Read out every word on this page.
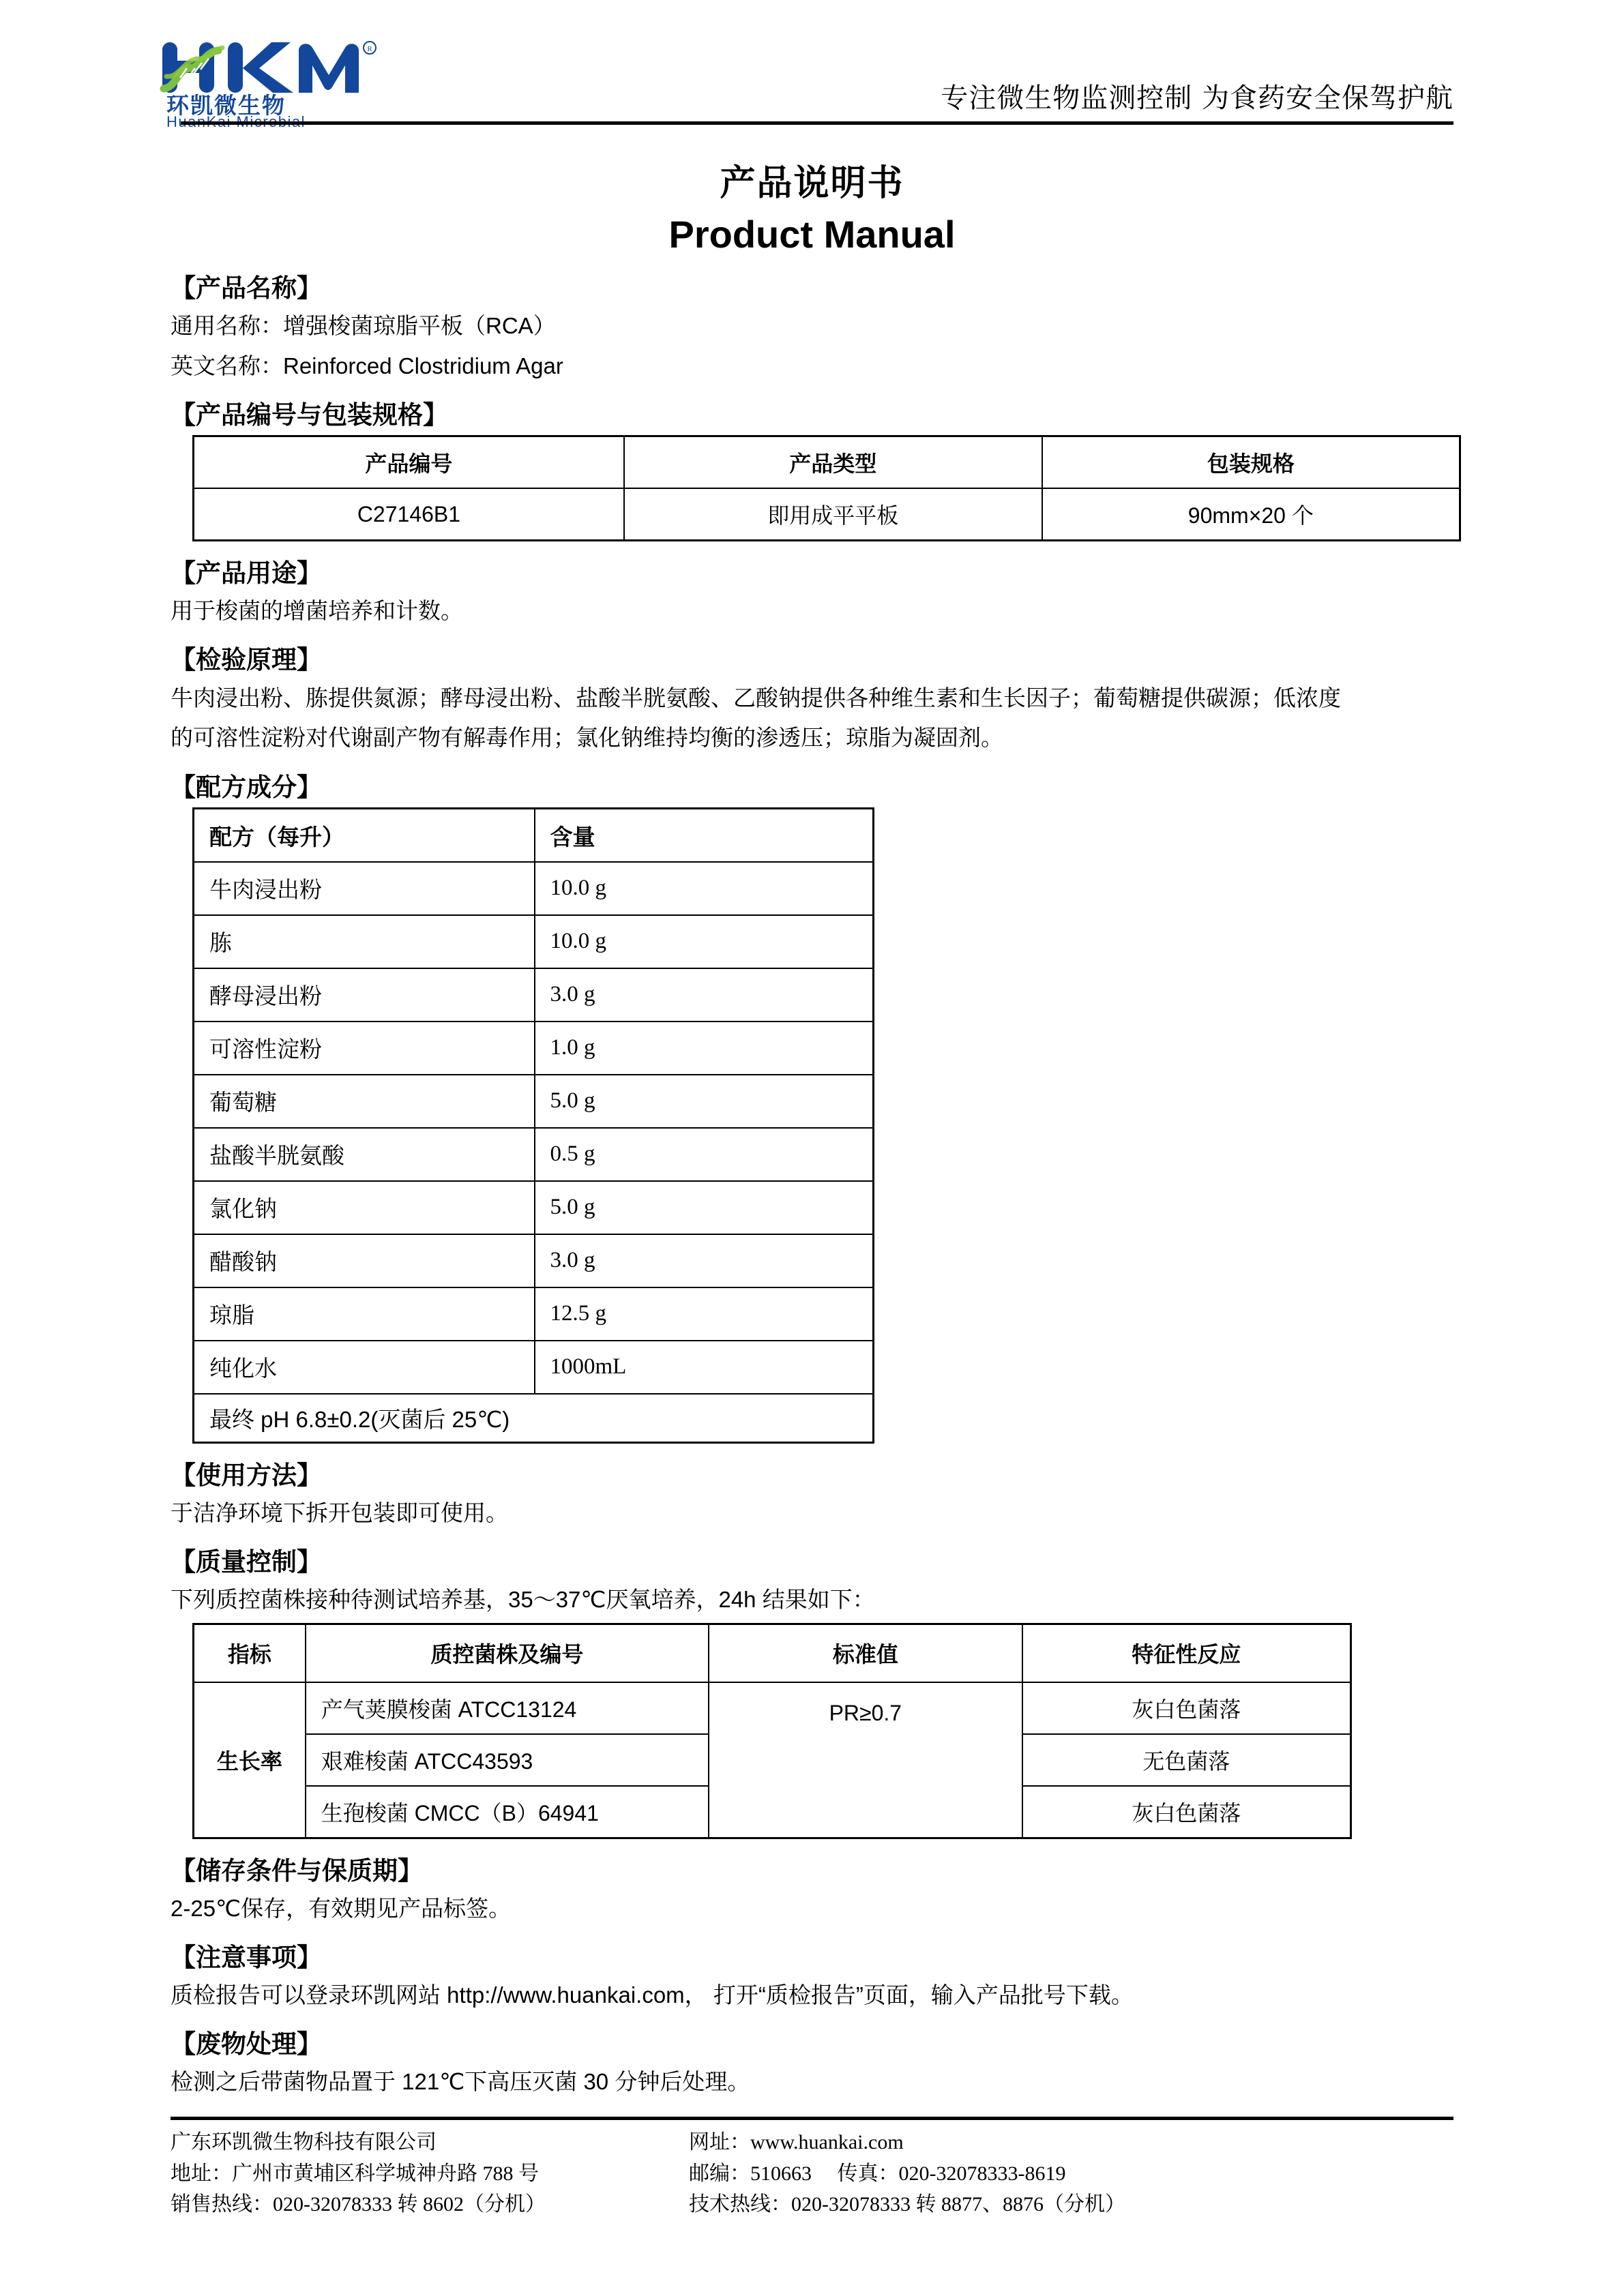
R
环凯微生物
HuanKai Microbial
专注微生物监测控制 为食药安全保驾护航
产品说明书
Product Manual
【产品名称】
通用名称：增强梭菌琼脂平板（RCA）
英文名称：Reinforced Clostridium Agar
【产品编号与包装规格】
产品编号	产品类型	包装规格
C27146B1	即用成平平板	90mm×20 个
【产品用途】
用于梭菌的增菌培养和计数。
【检验原理】
牛肉浸出粉、胨提供氮源；酵母浸出粉、盐酸半胱氨酸、乙酸钠提供各种维生素和生长因子；葡萄糖提供碳源；低浓度
的可溶性淀粉对代谢副产物有解毒作用；氯化钠维持均衡的渗透压；琼脂为凝固剂。
【配方成分】
配方（每升）	含量
牛肉浸出粉	10.0 g
胨	10.0 g
酵母浸出粉	3.0 g
可溶性淀粉	1.0 g
葡萄糖	5.0 g
盐酸半胱氨酸	0.5 g
氯化钠	5.0 g
醋酸钠	3.0 g
琼脂	12.5 g
纯化水	1000mL
最终 pH 6.8±0.2(灭菌后 25℃)	
【使用方法】
于洁净环境下拆开包装即可使用。
【质量控制】
下列质控菌株接种待测试培养基，35～37℃厌氧培养，24h 结果如下：
指标	质控菌株及编号	标准值	特征性反应
生长率	产气荚膜梭菌 ATCC13124	PR≥0.7	灰白色菌落
	艰难梭菌 ATCC43593		无色菌落
	生孢梭菌 CMCC（B）64941		灰白色菌落
【储存条件与保质期】
2-25℃保存，有效期见产品标签。
【注意事项】
质检报告可以登录环凯网站 http://www.huankai.com， 打开“质检报告”页面，输入产品批号下载。
【废物处理】
检测之后带菌物品置于 121℃下高压灭菌 30 分钟后处理。
广东环凯微生物科技有限公司
地址：广州市黄埔区科学城神舟路 788 号
销售热线：020-32078333 转 8602（分机）
网址：www.huankai.com
邮编：510663　 传真：020-32078333-8619
技术热线：020-32078333 转 8877、8876（分机）
